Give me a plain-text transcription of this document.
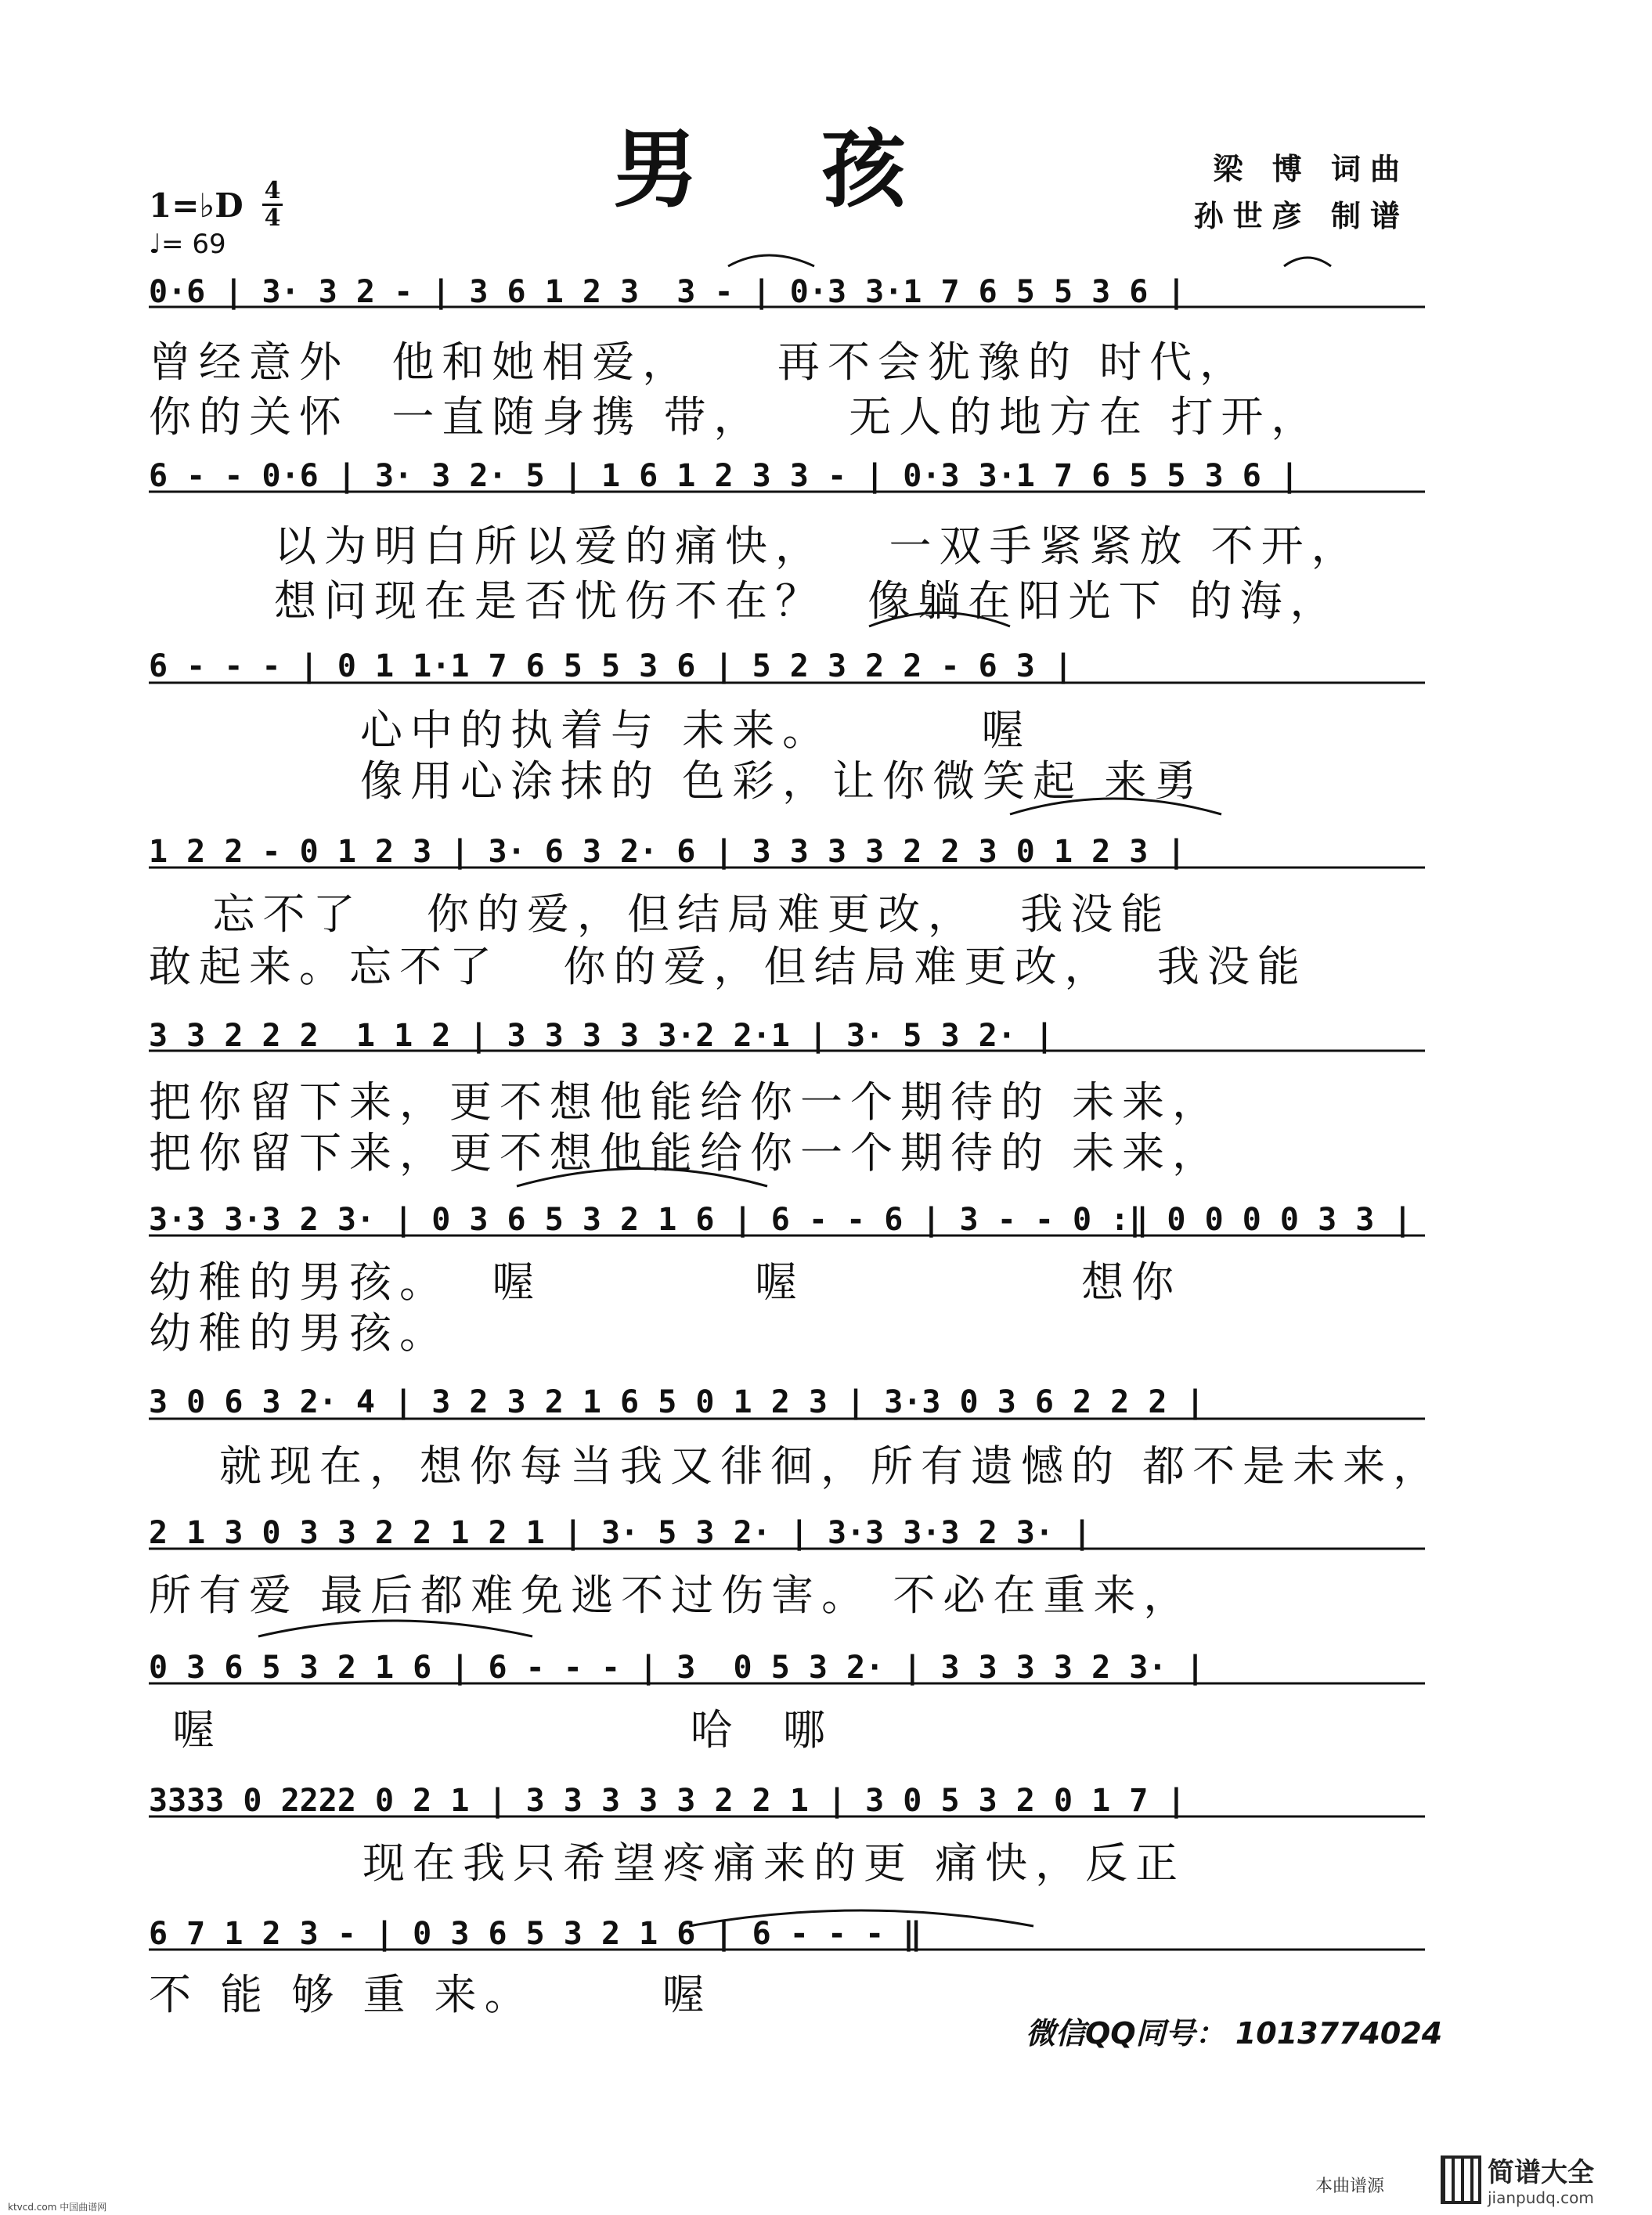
男 孩	梁 博 词曲
孙世彦 制谱
1=♭D 4
4
♩= 69
0·6 | 3· 3 2 - | 3 6 1 2 3  3 - | 0·3 3·1 7 6 5 5 3 6 |
曾经意外  他和她相爱，    再不会犹豫的 时代，
你的关怀  一直随身携 带，    无人的地方在 打开，
6 - - 0·6 | 3· 3 2· 5 | 1 6 1 2 3 3 - | 0·3 3·1 7 6 5 5 3 6 |
以为明白所以爱的痛快，   一双手紧紧放 不开，
想问现在是否忧伤不在？  像躺在阳光下 的海，
6 - - - | 0 1 1·1 7 6 5 5 3 6 | 5 2 3 2 2 - 6 3 |
心中的执着与 未来。       喔
像用心涂抹的 色彩，让你微笑起 来勇
1 2 2 - 0 1 2 3 | 3· 6 3 2· 6 | 3 3 3 3 2 2 3 0 1 2 3 |
忘不了   你的爱，但结局难更改，  我没能
敢起来。忘不了   你的爱，但结局难更改，  我没能
3 3 2 2 2  1 1 2 | 3 3 3 3 3·2 2·1 | 3· 5 3 2· |
把你留下来，更不想他能给你一个期待的 未来，
把你留下来，更不想他能给你一个期待的 未来，
3·3 3·3 2 3· | 0 3 6 5 3 2 1 6 | 6 - - 6 | 3 - - 0 :‖ 0 0 0 0 3 3 |
幼稚的男孩。  喔          喔             想你
幼稚的男孩。
3 0 6 3 2· 4 | 3 2 3 2 1 6 5 0 1 2 3 | 3·3 0 3 6 2 2 2 |
就现在，想你每当我又徘徊，所有遗憾的 都不是未来，
2 1 3 0 3 3 2 2 1 2 1 | 3· 5 3 2· | 3·3 3·3 2 3· |
所有爱 最后都难免逃不过伤害。 不必在重来，
0 3 6 5 3 2 1 6 | 6 - - - | 3  0 5 3 2· | 3 3 3 3 2 3· |
喔                      哈  哪
3333 0 2222 0 2 1 | 3 3 3 3 3 2 2 1 | 3 0 5 3 2 0 1 7 |
现在我只希望疼痛来的更 痛快，反正
6 7 1 2 3 - | 0 3 6 5 3 2 1 6 | 6 - - - ‖
不 能 够 重 来。      喔
微信QQ同号： 1013774024
ktvcd.com 中国曲谱网
本曲谱源	简谱大全
jianpudq.com
